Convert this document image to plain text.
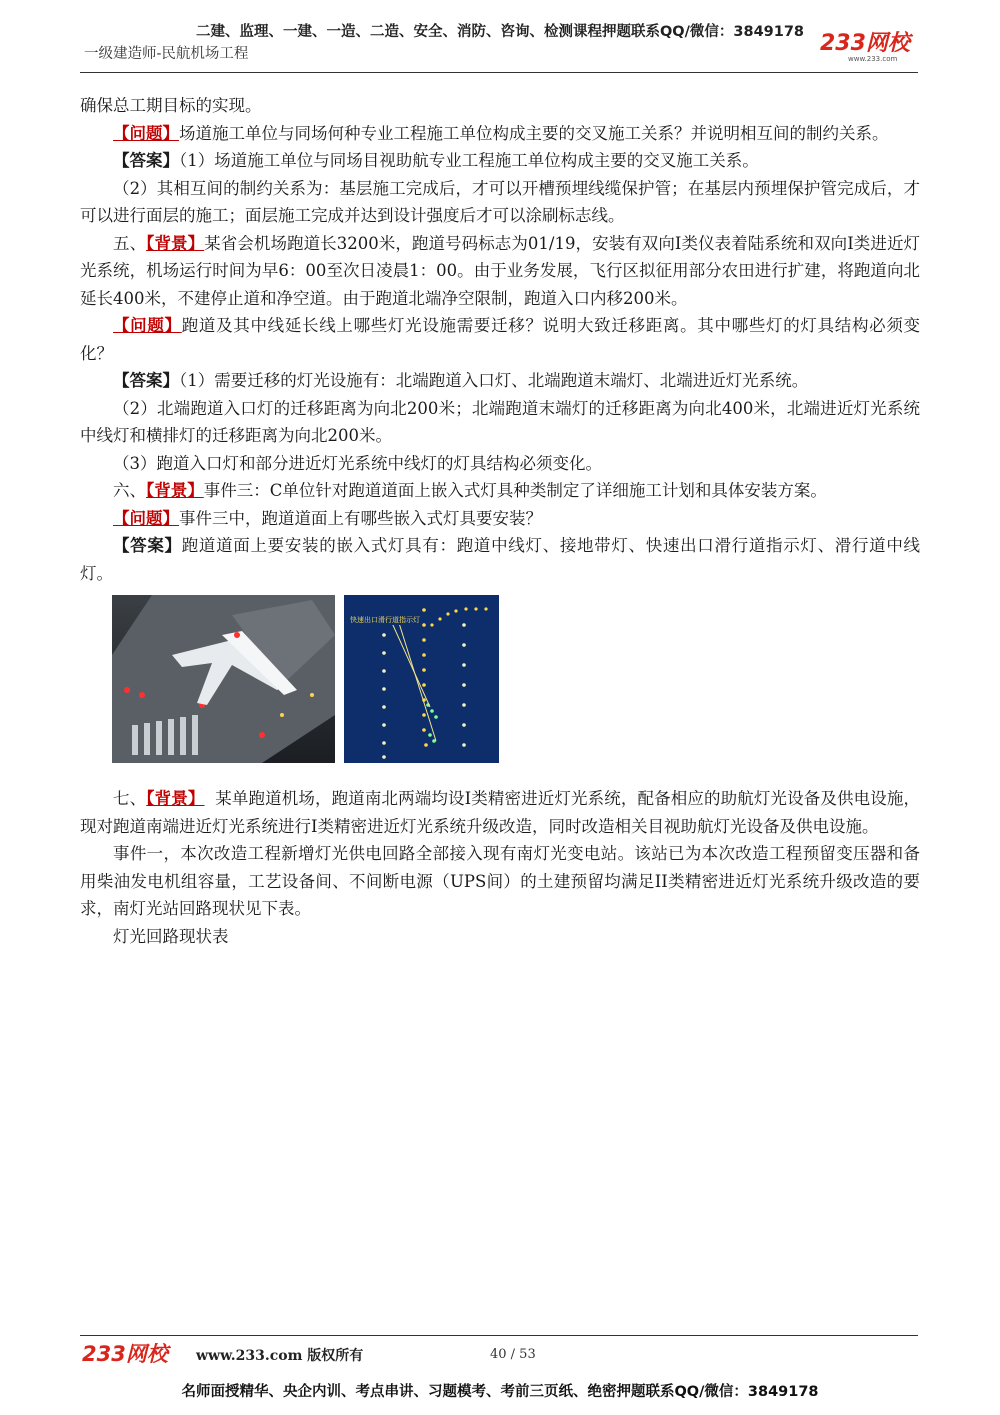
二建、监理、一建、一造、二造、安全、消防、咨询、检测课程押题联系QQ/微信：3849178
一级建造师-民航机场工程	233网校
www.233.com

确保总工期目标的实现。

【问题】场道施工单位与同场何种专业工程施工单位构成主要的交叉施工关系？并说明相互间的制约关系。

【答案】（1）场道施工单位与同场目视助航专业工程施工单位构成主要的交叉施工关系。

（2）其相互间的制约关系为：基层施工完成后，才可以开槽预埋线缆保护管；在基层内预埋保护管完成后，才可以进行面层的施工；面层施工完成并达到设计强度后才可以涂刷标志线。

五、【背景】某省会机场跑道长3200米，跑道号码标志为01/19，安装有双向I类仪表着陆系统和双向I类进近灯光系统，机场运行时间为早6：00至次日凌晨1：00。由于业务发展，飞行区拟征用部分农田进行扩建，将跑道向北延长400米，不建停止道和净空道。由于跑道北端净空限制，跑道入口内移200米。

【问题】跑道及其中线延长线上哪些灯光设施需要迁移？说明大致迁移距离。其中哪些灯的灯具结构必须变化？

【答案】（1）需要迁移的灯光设施有：北端跑道入口灯、北端跑道末端灯、北端进近灯光系统。

（2）北端跑道入口灯的迁移距离为向北200米；北端跑道末端灯的迁移距离为向北400米，北端进近灯光系统中线灯和横排灯的迁移距离为向北200米。

（3）跑道入口灯和部分进近灯光系统中线灯的灯具结构必须变化。

六、【背景】事件三：C单位针对跑道道面上嵌入式灯具种类制定了详细施工计划和具体安装方案。

【问题】事件三中，跑道道面上有哪些嵌入式灯具要安装？

【答案】跑道道面上要安装的嵌入式灯具有：跑道中线灯、接地带灯、快速出口滑行道指示灯、滑行道中线灯。

快速出口滑行道指示灯

七、【背景】 某单跑道机场，跑道南北两端均设I类精密进近灯光系统，配备相应的助航灯光设备及供电设施，现对跑道南端进近灯光系统进行I类精密进近灯光系统升级改造，同时改造相关目视助航灯光设备及供电设施。

事件一，本次改造工程新增灯光供电回路全部接入现有南灯光变电站。该站已为本次改造工程预留变压器和备用柴油发电机组容量，工艺设备间、不间断电源（UPS间）的土建预留均满足II类精密进近灯光系统升级改造的要求，南灯光站回路现状见下表。

灯光回路现状表

233网校 www.233.com 版权所有	40 / 53
名师面授精华、央企内训、考点串讲、习题模考、考前三页纸、绝密押题联系QQ/微信：3849178
